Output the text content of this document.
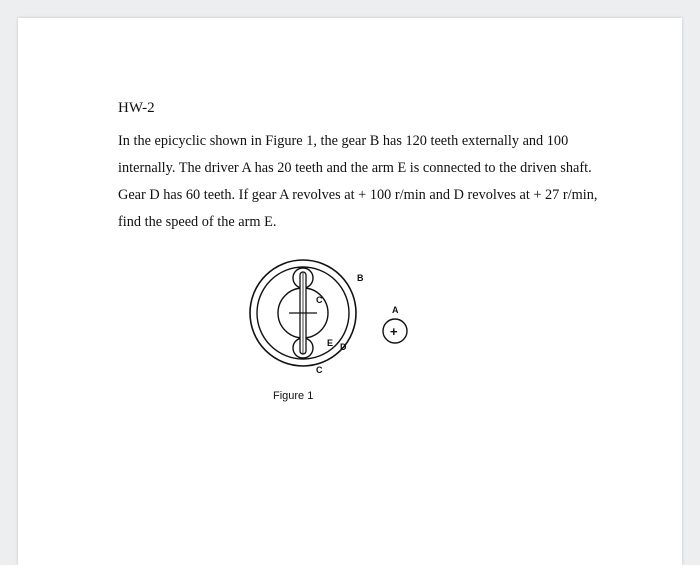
HW-2

In the epicyclic shown in Figure 1, the gear B has 120 teeth externally and 100 internally. The driver A has 20 teeth and the arm E is connected to the driven shaft. Gear D has 60 teeth. If gear A revolves at + 100 r/min and D revolves at + 27 r/min, find the speed of the arm E.

B
A
+
C
C
E D
Figure 1
